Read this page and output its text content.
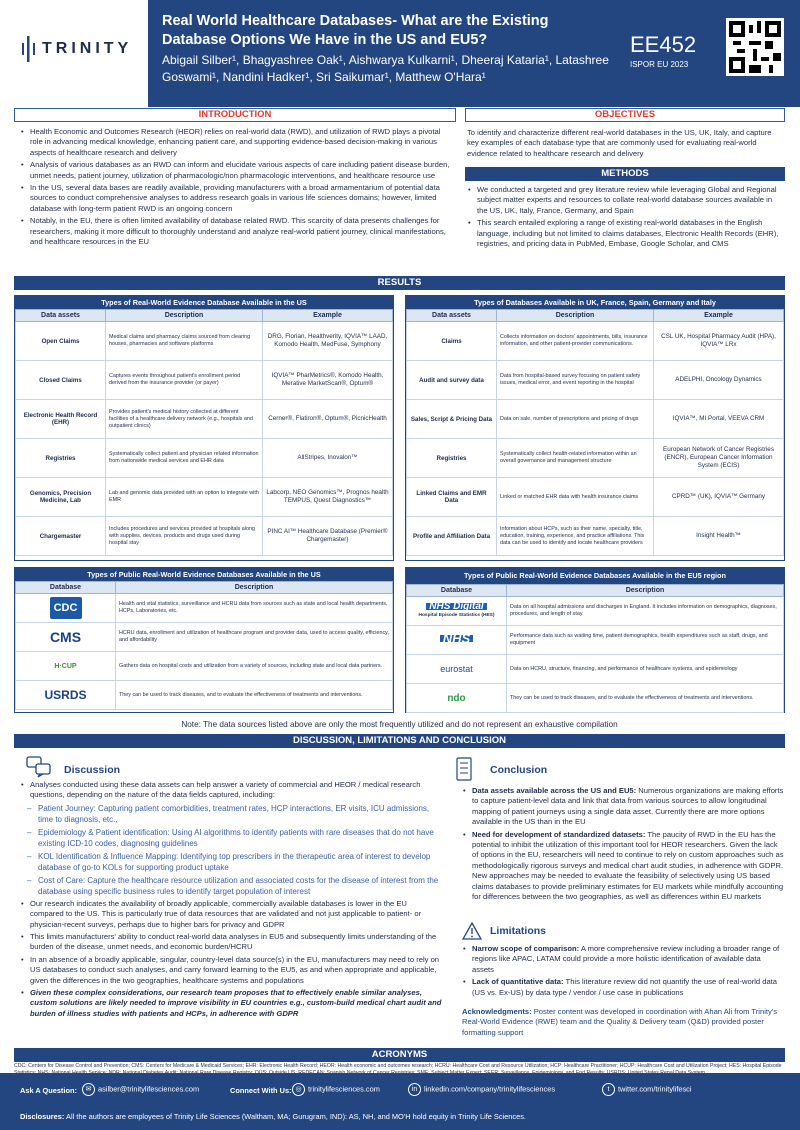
TRINITY
Real World Healthcare Databases- What are the Existing Database Options We Have in the US and EU5?
Abigail Silber¹, Bhagyashree Oak¹, Aishwarya Kulkarni¹, Dheeraj Kataria¹, Latashree Goswami¹, Nandini Hadker¹, Sri Saikumar¹, Matthew O'Hara¹
EE452
ISPOR EU 2023
INTRODUCTION
• Health Economic and Outcomes Research (HEOR) relies on real-world data (RWD), and utilization of RWD plays a pivotal role in advancing medical knowledge, enhancing patient care, and supporting evidence-based decision-making in various aspects of healthcare research and delivery
• Analysis of various databases as an RWD can inform and elucidate various aspects of care including patient disease burden, unmet needs, patient journey, utilization of pharmacologic/non pharmacologic interventions, and healthcare resource use
• In the US, several data bases are readily available, providing manufacturers with a broad armamentarium of potential data sources to conduct comprehensive analyses to address research goals in various life sciences domains; however, limited database with long-term patient RWD is an ongoing concern
• Notably, in the EU, there is often limited availability of database related RWD. This scarcity of data presents challenges for researchers, making it more difficult to thoroughly understand and analyze real-world patient journey, clinical manifestations, and healthcare resources in the EU
OBJECTIVES
To identify and characterize different real-world databases in the US, UK, Italy, and capture key examples of each database type that are commonly used for evaluating real-world evidence related to healthcare research and delivery
METHODS
• We conducted a targeted and grey literature review while leveraging Global and Regional subject matter experts and resources to collate real-world database sources available in the US, UK, Italy, France, Germany, and Spain
• This search entailed exploring a range of existing real-world databases in the English language, including but not limited to claims databases, Electronic Health Records (EHR), registries, and pricing data in PubMed, Embase, Google Scholar, and CMS
RESULTS
Types of Real-World Evidence Database Available in the US
Data assets	Description	Example
Open Claims	Medical claims and pharmacy claims sourced from clearing houses, pharmacies and software platforms	DRG, Florian, Healthverity, IQVIA™ LAAD, Komodo Health, MedFuse, Symphony
Closed Claims	Captures events throughout patient's enrollment period derived from the insurance provider (or payer)	IQVIA™ PharMetrics®, Komodo Health, Merative MarketScan®, Optum®
Electronic Health Record (EHR)	Provides patient's medical history collected at different facilities of a healthcare delivery network (e.g., hospitals and outpatient clinics)	Cerner®, Flatiron®, Optum®, PicnicHealth
Registries	Systematically collect patient and physician related information from nationwide medical services and EHR data	AllStripes, Inovalon™
Genomics, Precision Medicine, Lab	Lab and genomic data provided with an option to integrate with EMR	Labcorp, NEO Genomics™, Prognos health TEMPUS, Quest Diagnostics™
Chargemaster	Includes procedures and services provided at hospitals along with supplies, devices, products and drugs used during hospital stay	PINC AI™ Healthcare Database (Premier® Chargemaster)
Types of Databases Available in UK, France, Spain, Germany and Italy
Data assets	Description	Example
Claims	Collects information on doctors' appointments, bills, insurance information, and other patient-provider communications.	CSL UK, Hospital Pharmacy Audit (HPA), IQVIA™ LRx
Audit and survey data	Data from hospital-based survey focusing on patient safety issues, medical error, and event reporting in the hospital	ADELPHI, Oncology Dynamics
Sales, Script & Pricing Data	Data on sale, number of prescriptions and pricing of drugs	IQVIA™, MI Portal, VEEVA CRM
Registries	Systematically collect health-related information within an overall governance and management structure	European Network of Cancer Registries (ENCR), European Cancer Information System (ECIS)
Linked Claims and EMR Data	Linked or matched EHR data with health insurance claims	CPRD™ (UK), IQVIA™ Germany
Profile and Affiliation Data	Information about HCPs, such as their name, specialty, title, education, training, experience, and practice affiliations. This data can be used to identify and locate healthcare providers	Insight Health™
Types of Public Real-World Evidence Databases Available in the US
Database	Description

CDC	Health and vital statistics, surveillance and HCRU data from sources such as state and local health departments, HCPs, Laboratories, etc.

CMS	HCRU data, enrollment and utilization of healthcare program and provider data, used to access quality, efficiency, and affordability

H·CUP	Gathers data on hospital costs and utilization from a variety of sources, including state and local data partners.

USRDS	They can be used to track diseases, and to evaluate the effectiveness of treatments and interventions.
Types of Public Real-World Evidence Databases Available in the EU5 region
Database	Description
NHS Digital
Hospital Episode Statistics (HES)	Data on all hospital admissions and discharges in England. It includes information on demographics, diagnoses, procedures, and length of stay.
NHS	Performance data such as waiting time, patient demographics, health expenditures such as staff, drugs, and equipment

eurostat	Data on HCRU, structure, financing, and performance of healthcare systems, and epidemiology

ndo	They can be used to track diseases, and to evaluate the effectiveness of treatments and interventions.
Note: The data sources listed above are only the most frequently utilized and do not represent an exhaustive compilation
DISCUSSION, LIMITATIONS AND CONCLUSION
Discussion
• Analyses conducted using these data assets can help answer a variety of commercial and HEOR / medical research questions, depending on the nature of the data fields captured, including:
– Patient Journey: Capturing patient comorbidities, treatment rates, HCP interactions, ER visits, ICU admissions, time to diagnosis, etc.,
– Epidemiology & Patient identification: Using AI algorithms to identify patients with rare diseases that do not have existing ICD-10 codes, diagnosing guidelines
– KOL Identification & Influence Mapping: Identifying top prescribers in the therapeutic area of interest to develop database of go-to KOLs for supporting product uptake
– Cost of Care: Capture the healthcare resource utilization and associated costs for the disease of interest from the database using specific business rules to identify target population of interest
• Our research indicates the availability of broadly applicable, commercially available databases is lower in the EU compared to the US. This is particularly true of data resources that are validated and not just applicable to patient- or physician-recent surveys, perhaps due to higher bars for privacy and GDPR
• This limits manufacturers' ability to conduct real-world data analyses in EU5 and subsequently limits understanding of the burden of the disease, unmet needs, and economic burden/HCRU
• In an absence of a broadly applicable, singular, country-level data source(s) in the EU, manufacturers may need to rely on US databases to conduct such analyses, and carry forward learning to the EU5, as and when appropriate and applicable, given the differences in the two geographies, healthcare systems and populations
• Given these complex considerations, our research team proposes that to effectively enable similar analyses, custom solutions are likely needed to improve visibility in EU countries e.g., custom-build medical chart audit and burden of illness studies with patients and HCPs, in adherence with GDPR
Conclusion
• Data assets available across the US and EU5: Numerous organizations are making efforts to capture patient-level data and link that data from various sources to allow longitudinal mapping of patient journeys using a single data asset. Currently there are more options available in the US than in the EU
• Need for development of standardized datasets: The paucity of RWD in the EU has the potential to inhibit the utilization of this important tool for HEOR researchers. Given the lack of options in the EU, researchers will need to continue to rely on custom approaches such as methodologically rigorous surveys and medical chart audit studies, in adherence with GDPR. New approaches may be needed to evaluate the feasibility of selectively using US based claims databases to provide preliminary estimates for EU markets while mindfully accounting for differences between the two geographies, as well as differences within EU markets
Limitations
• Narrow scope of comparison: A more comprehensive review including a broader range of regions like APAC, LATAM could provide a more holistic identification of available data assets
• Lack of quantitative data: This literature review did not quantify the use of real-world data (US vs. Ex-US) by data type / vendor / use case in publications
Acknowledgments: Poster content was developed in coordination with Ahan Ali from Trinity's Real-World Evidence (RWE) team and the Quality & Delivery team (Q&D) provided poster formatting support
ACRONYMS
CDC: Centers for Disease Control and Prevention; CMS: Centers for Medicare & Medicaid Services; EHR: Electronic Health Record; HEOR: Health economic and outcomes research; HCRU: Healthcare Cost and Resource Utilization; HCP: Healthcare Practitioner; HCUP: Healthcare Cost and Utilization Project; HES: Hospital Episode
Ask A Question:	✉ asilber@trinitylifesciences.com	Connect With Us: ◎ trinitylifesciences.com	in linkedin.com/company/trinitylifesciences	t twitter.com/trinitylifesci
Disclosures: All the authors are employees of Trinity Life Sciences (Waltham, MA; Gurugram, IND): AS, NH, and MO'H hold equity in Trinity Life Sciences.
